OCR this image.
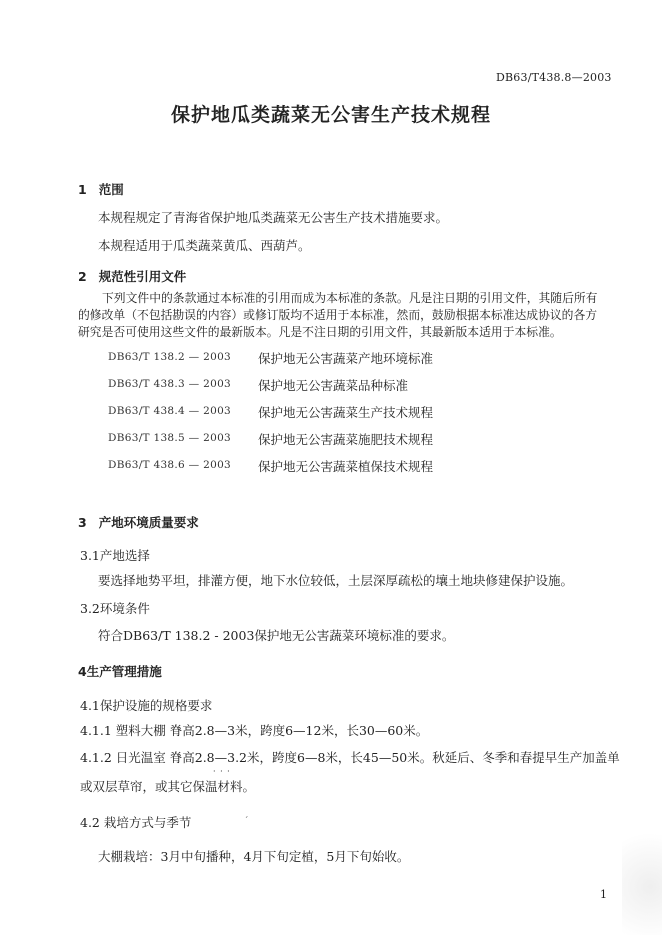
DB63/T438.8—2003
保护地瓜类蔬菜无公害生产技术规程
1 范围
本规程规定了青海省保护地瓜类蔬菜无公害生产技术措施要求。
本规程适用于瓜类蔬菜黄瓜、西葫芦。
2 规范性引用文件
下列文件中的条款通过本标准的引用而成为本标准的条款。凡是注日期的引用文件，其随后所有的修改单（不包括勘误的内容）或修订版均不适用于本标准，然而，鼓励根据本标准达成协议的各方研究是否可使用这些文件的最新版本。凡是不注日期的引用文件，其最新版本适用于本标准。
DB63/T 138.2 — 2003 保护地无公害蔬菜产地环境标准
DB63/T 438.3 — 2003 保护地无公害蔬菜品种标准
DB63/T 438.4 — 2003 保护地无公害蔬菜生产技术规程
DB63/T 138.5 — 2003 保护地无公害蔬菜施肥技术规程
DB63/T 438.6 — 2003 保护地无公害蔬菜植保技术规程
3 产地环境质量要求
3.1产地选择
要选择地势平坦，排灌方便，地下水位较低，土层深厚疏松的壤土地块修建保护设施。
3.2环境条件
符合DB63/T 138.2 - 2003保护地无公害蔬菜环境标准的要求。
4生产管理措施
4.1保护设施的规格要求
4.1.1 塑料大棚 脊高2.8—3米，跨度6—12米，长30—60米。
4.1.2 日光温室 脊高2.8—3.2米，跨度6—8米，长45—50米。秋延后、冬季和春提早生产加盖单
或双层草帘，或其它保温材料。
· · ·
4.2 栽培方式与季节	ˊ
大棚栽培：3月中旬播种，4月下旬定植，5月下旬始收。
1
